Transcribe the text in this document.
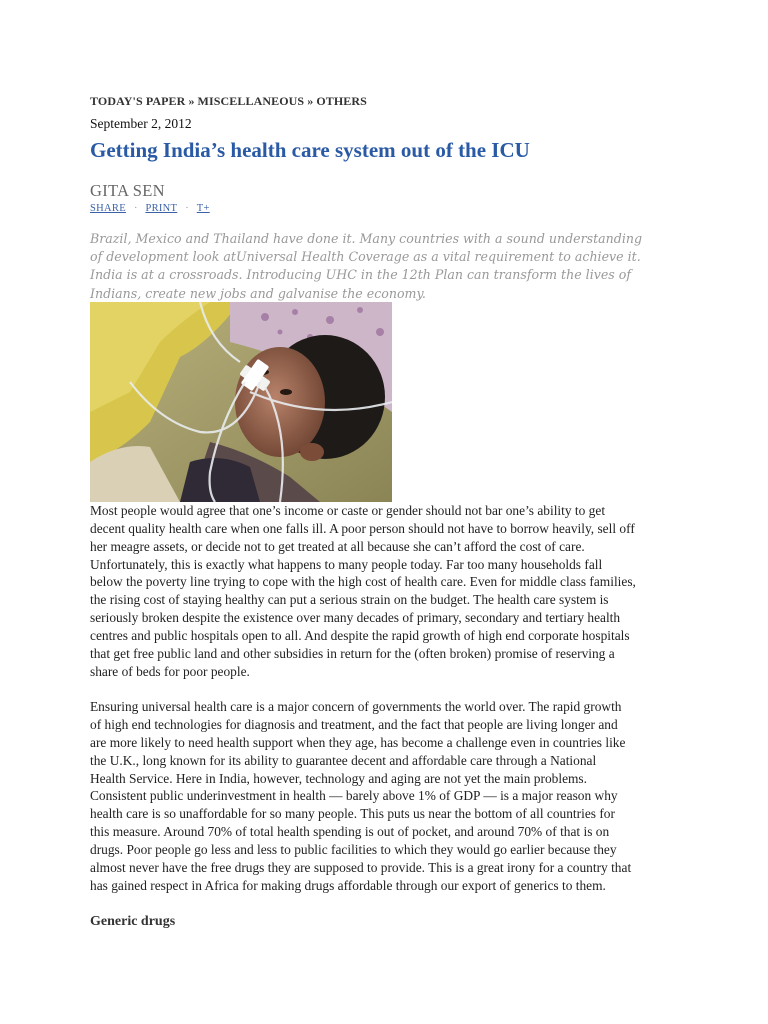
TODAY'S PAPER » MISCELLANEOUS » OTHERS
September 2, 2012
Getting India’s health care system out of the ICU
GITA SEN
SHARE · PRINT · T+
Brazil, Mexico and Thailand have done it. Many countries with a sound understanding
of development look atUniversal Health Coverage as a vital requirement to achieve it.
India is at a crossroads. Introducing UHC in the 12th Plan can transform the lives of
Indians, create new jobs and galvanise the economy.

Most people would agree that one’s income or caste or gender should not bar one’s ability to get
decent quality health care when one falls ill. A poor person should not have to borrow heavily, sell off
her meagre assets, or decide not to get treated at all because she can’t afford the cost of care.
Unfortunately, this is exactly what happens to many people today. Far too many households fall
below the poverty line trying to cope with the high cost of health care. Even for middle class families,
the rising cost of staying healthy can put a serious strain on the budget. The health care system is
seriously broken despite the existence over many decades of primary, secondary and tertiary health
centres and public hospitals open to all. And despite the rapid growth of high end corporate hospitals
that get free public land and other subsidies in return for the (often broken) promise of reserving a
share of beds for poor people.

Ensuring universal health care is a major concern of governments the world over. The rapid growth
of high end technologies for diagnosis and treatment, and the fact that people are living longer and
are more likely to need health support when they age, has become a challenge even in countries like
the U.K., long known for its ability to guarantee decent and affordable care through a National
Health Service. Here in India, however, technology and aging are not yet the main problems.
Consistent public underinvestment in health — barely above 1% of GDP — is a major reason why
health care is so unaffordable for so many people. This puts us near the bottom of all countries for
this measure. Around 70% of total health spending is out of pocket, and around 70% of that is on
drugs. Poor people go less and less to public facilities to which they would go earlier because they
almost never have the free drugs they are supposed to provide. This is a great irony for a country that
has gained respect in Africa for making drugs affordable through our export of generics to them.

Generic drugs
